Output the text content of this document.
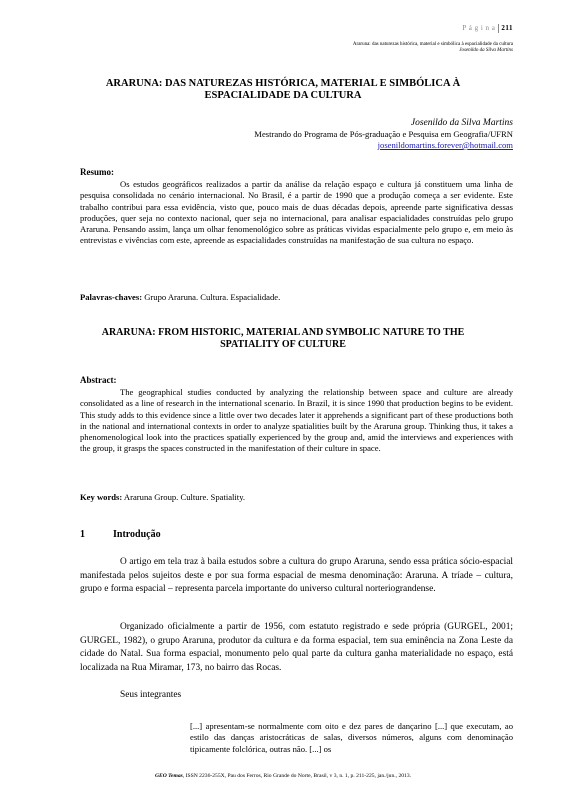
P á g i n a 211
Araruna: das naturezas histórica, material e simbólica à espacialidade da cultura
Josenildo da Silva Martins
ARARUNA: DAS NATUREZAS HISTÓRICA, MATERIAL E SIMBÓLICA À ESPACIALIDADE DA CULTURA
Josenildo da Silva Martins
Mestrando do Programa de Pós-graduação e Pesquisa em Geografia/UFRN
josenildomartins.forever@hotmail.com
Resumo:
Os estudos geográficos realizados a partir da análise da relação espaço e cultura já constituem uma linha de pesquisa consolidada no cenário internacional. No Brasil, é a partir de 1990 que a produção começa a ser evidente. Este trabalho contribui para essa evidência, visto que, pouco mais de duas décadas depois, apreende parte significativa dessas produções, quer seja no contexto nacional, quer seja no internacional, para analisar espacialidades construídas pelo grupo Araruna. Pensando assim, lança um olhar fenomenológico sobre as práticas vividas espacialmente pelo grupo e, em meio às entrevistas e vivências com este, apreende as espacialidades construídas na manifestação de sua cultura no espaço.
Palavras-chaves: Grupo Araruna. Cultura. Espacialidade.
ARARUNA: FROM HISTORIC, MATERIAL AND SYMBOLIC NATURE TO THE SPATIALITY OF CULTURE
Abstract:
The geographical studies conducted by analyzing the relationship between space and culture are already consolidated as a line of research in the international scenario. In Brazil, it is since 1990 that production begins to be evident. This study adds to this evidence since a little over two decades later it apprehends a significant part of these productions both in the national and international contexts in order to analyze spatialities built by the Araruna group. Thinking thus, it takes a phenomenological look into the practices spatially experienced by the group and, amid the interviews and experiences with the group, it grasps the spaces constructed in the manifestation of their culture in space.
Key words: Araruna Group. Culture. Spatiality.
1	Introdução
O artigo em tela traz à baila estudos sobre a cultura do grupo Araruna, sendo essa prática sócio-espacial manifestada pelos sujeitos deste e por sua forma espacial de mesma denominação: Araruna. A tríade – cultura, grupo e forma espacial – representa parcela importante do universo cultural norteriograndense.
Organizado oficialmente a partir de 1956, com estatuto registrado e sede própria (GURGEL, 2001; GURGEL, 1982), o grupo Araruna, produtor da cultura e da forma espacial, tem sua eminência na Zona Leste da cidade do Natal. Sua forma espacial, monumento pelo qual parte da cultura ganha materialidade no espaço, está localizada na Rua Miramar, 173, no bairro das Rocas.
Seus integrantes
[...] apresentam-se normalmente com oito e dez pares de dançarino [...] que executam, ao estilo das danças aristocráticas de salas, diversos números, alguns com denominação tipicamente folclórica, outras não. [...] os
GEO Temas, ISSN 2236-255X, Pau dos Ferros, Rio Grande do Norte, Brasil, v 3, n. 1, p. 211-225, jan./jun., 2013.
